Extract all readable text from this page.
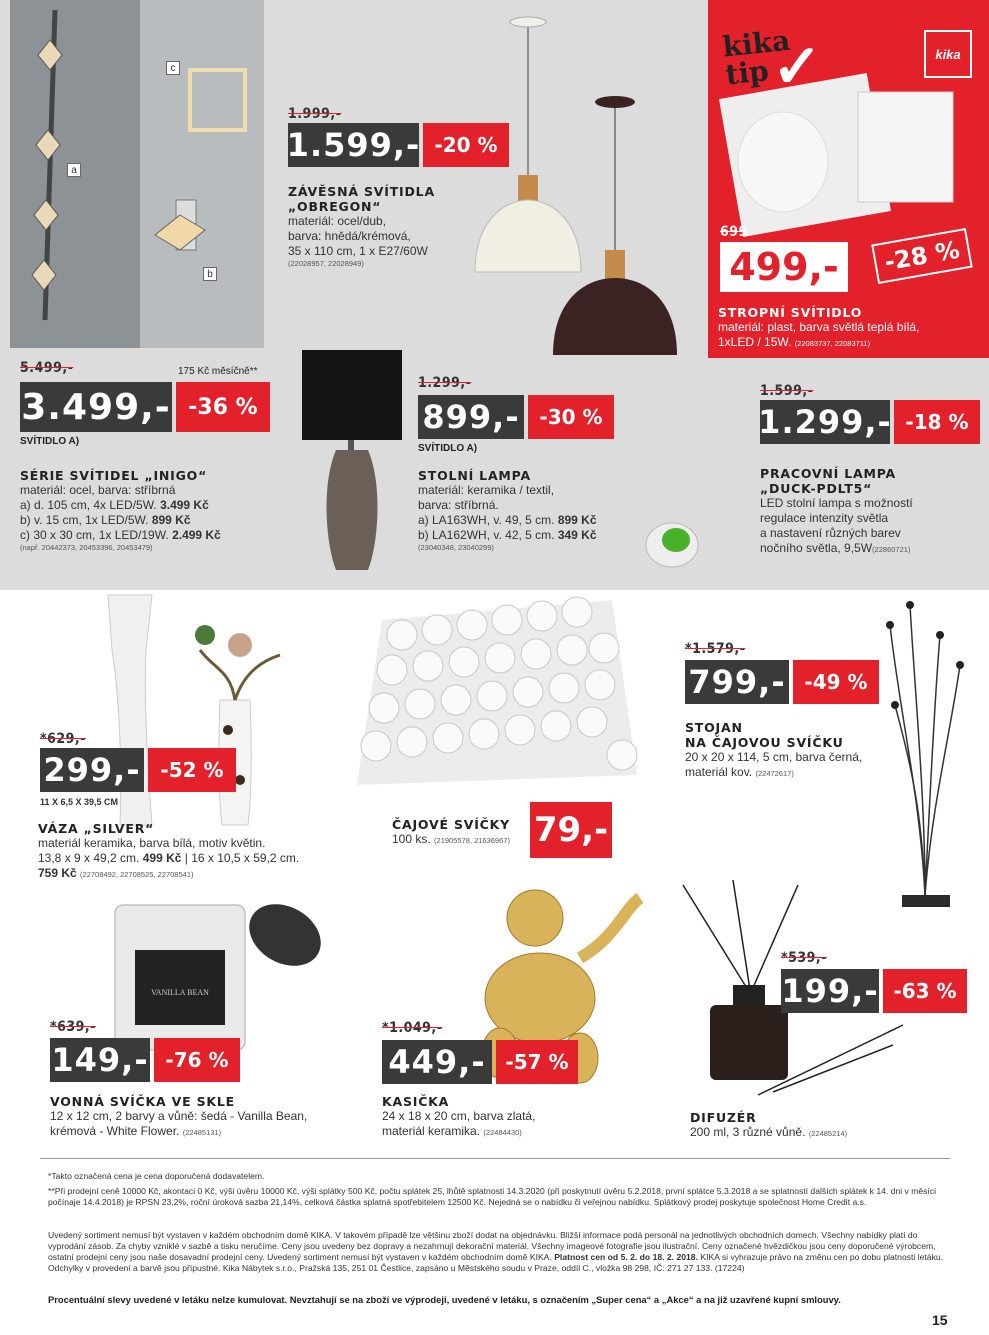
a
b
c
1.999,-
1.599,- -20 %
ZÁVĚSNÁ SVÍTIDLA
„OBREGON“
materiál: ocel/dub,
barva: hnědá/krémová,
35 x 110 cm, 1 x E27/60W
(22028957, 22028949)
kika
tip ✓	kika
699
499,-	-28 %
STROPNÍ SVÍTIDLO
materiál: plast, barva světlá teplá bílá,
1xLED / 15W. (22083737, 22083711)
5.499,-	175 Kč měsíčně**
3.499,- -36 %
SVÍTIDLO A)
SÉRIE SVÍTIDEL „INIGO“
materiál: ocel, barva: stříbrná
a) d. 105 cm, 4x LED/5W. 3.499 Kč
b) v. 15 cm, 1x LED/5W. 899 Kč
c) 30 x 30 cm, 1x LED/19W. 2.499 Kč
(např. 20442373, 20453396, 20453479)
1.299,-
899,- -30 %
SVÍTIDLO A)
STOLNÍ LAMPA
materiál: keramika / textil,
barva: stříbrná.
a) LA163WH, v. 49, 5 cm. 899 Kč
b) LA162WH, v. 42, 5 cm. 349 Kč
(23040348, 23040299)
1.599,-
1.299,- -18 %
PRACOVNÍ LAMPA
„DUCK-PDLT5“
LED stolní lampa s možností
regulace intenzity světla
a nastavení různých barev
nočního světla, 9,5W(22860721)
*629,-
299,- -52 %
11 X 6,5 X 39,5 CM
VÁZA „SILVER“
materiál keramika, barva bílá, motiv květin.
13,8 x 9 x 49,2 cm. 499 Kč | 16 x 10,5 x 59,2 cm.
759 Kč (22708492, 22708525, 22708541)
ČAJOVÉ SVÍČKY
100 ks. (21905578, 21636967) 79,-
*1.579,-
799,- -49 %
STOJAN
NA ČAJOVOU SVÍČKU
20 x 20 x 114, 5 cm, barva černá,
materiál kov. (22472617)
VANILLA BEAN
*639,-
149,- -76 %
VONNÁ SVÍČKA VE SKLE
12 x 12 cm, 2 barvy a vůně: šedá - Vanilla Bean,
krémová - White Flower. (22485131)
*1.049,-
449,- -57 %
KASIČKA
24 x 18 x 20 cm, barva zlatá,
materiál keramika. (22484430)
*539,-
199,- -63 %
DIFUZÉR
200 ml, 3 různé vůně. (22485214)
*Takto označená cena je cena doporučená dodavatelem.
**Při prodejní ceně 10000 Kč, akontaci 0 Kč, výši úvěru 10000 Kč, výši splátky 500 Kč, počtu splátek 25, lhůtě splatnosti 14.3.2020 (při poskytnutí úvěru 5.2.2018, první splátce 5.3.2018 a se splatností dalších splátek k 14. dni v měsíci počínaje 14.4.2018) je RPSN 23,2%, roční úroková sazba 21,14%, celková částka splatná spotřebitelem 12500 Kč. Nejedná se o nabídku či veřejnou nabídku. Splátkový prodej poskytuje společnost Home Credit a.s.
Uvedený sortiment nemusí být vystaven v každém obchodním domě KIKA. V takovém případě lze většinu zboží dodat na objednávku. Bližší informace podá personál na jednotlivých obchodních domech. Všechny nabídky platí do vyprodání zásob. Za chyby vzniklé v sazbě a tisku neručíme. Ceny jsou uvedeny bez dopravy a nezahrnují dekorační materiál. Všechny imageové fotografie jsou ilustrační. Ceny označené hvězdičkou jsou ceny doporučené výrobcem, ostatní prodejní ceny jsou naše dosavadní prodejní ceny. Uvedený sortiment nemusí být vystaven v každém obchodním domě KIKA. Platnost cen od 5. 2. do 18. 2. 2018. KIKA si vyhrazuje právo na změnu cen po dobu platnosti letáku. Odchylky v provedení a barvě jsou přípustné. Kika Nábytek s.r.o., Pražská 135, 251 01 Čestlice, zapsáno u Městského soudu v Praze, oddíl C., vložka 98 298, IČ: 271 27 133. (17224)
Procentuální slevy uvedené v letáku nelze kumulovat. Nevztahují se na zboží ve výprodeji, uvedené v letáku, s označením „Super cena“ a „Akce“ a na již uzavřené kupní smlouvy.
15
